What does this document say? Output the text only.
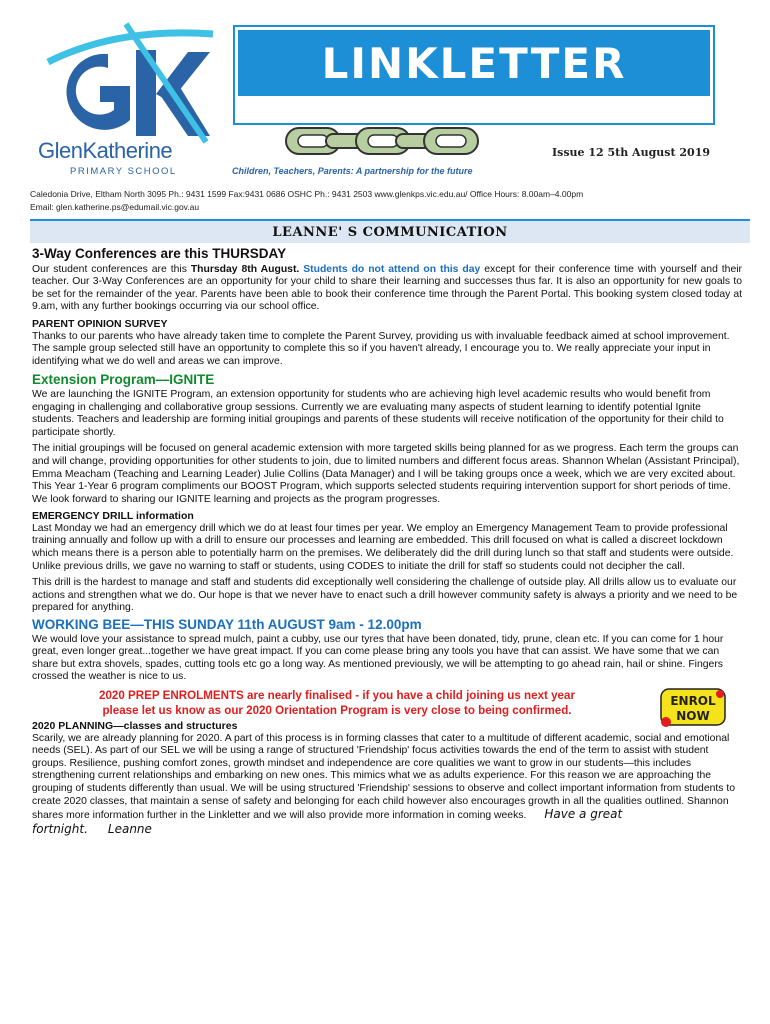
GlenKatherine
PRIMARY SCHOOL
LINKLETTER
Issue 12 5th August 2019
Children, Teachers, Parents: A partnership for the future
Caledonia Drive, Eltham North 3095 Ph.: 9431 1599 Fax:9431 0686 OSHC Ph.: 9431 2503 www.glenkps.vic.edu.au/ Office Hours: 8.00am–4.00pm
Email: glen.katherine.ps@edumail.vic.gov.au
LEANNE' S COMMUNICATION
3-Way Conferences are this THURSDAY

Our student conferences are this Thursday 8th August. Students do not attend on this day except for their conference time with yourself and their teacher. Our 3-Way Conferences are an opportunity for your child to share their learning and successes thus far. It is also an opportunity for new goals to be set for the remainder of the year. Parents have been able to book their conference time through the Parent Portal. This booking system closed today at 9.am, with any further bookings occurring via our school office.

PARENT OPINION SURVEY

Thanks to our parents who have already taken time to complete the Parent Survey, providing us with invaluable feedback aimed at school improvement. The sample group selected still have an opportunity to complete this so if you haven't already, I encourage you to. We really appreciate your input in identifying what we do well and areas we can improve.

Extension Program—IGNITE

We are launching the IGNITE Program, an extension opportunity for students who are achieving high level academic results who would benefit from engaging in challenging and collaborative group sessions. Currently we are evaluating many aspects of student learning to identify potential Ignite students. Teachers and leadership are forming initial groupings and parents of these students will receive notification of the opportunity for their child to participate shortly.

The initial groupings will be focused on general academic extension with more targeted skills being planned for as we progress. Each term the groups can and will change, providing opportunities for other students to join, due to limited numbers and different focus areas. Shannon Whelan (Assistant Principal), Emma Meacham (Teaching and Learning Leader) Julie Collins (Data Manager) and I will be taking groups once a week, which we are very excited about. This Year 1-Year 6 program compliments our BOOST Program, which supports selected students requiring intervention support for short periods of time. We look forward to sharing our IGNITE learning and projects as the program progresses.

EMERGENCY DRILL information

Last Monday we had an emergency drill which we do at least four times per year. We employ an Emergency Management Team to provide professional training annually and follow up with a drill to ensure our processes and learning are embedded. This drill focused on what is called a discreet lockdown which means there is a person able to potentially harm on the premises. We deliberately did the drill during lunch so that staff and students were outside. Unlike previous drills, we gave no warning to staff or students, using CODES to initiate the drill for staff so students could not decipher the call.

This drill is the hardest to manage and staff and students did exceptionally well considering the challenge of outside play. All drills allow us to evaluate our actions and strengthen what we do. Our hope is that we never have to enact such a drill however community safety is always a priority and we need to be prepared for anything.

WORKING BEE—THIS SUNDAY 11th AUGUST 9am - 12.00pm

We would love your assistance to spread mulch, paint a cubby, use our tyres that have been donated, tidy, prune, clean etc. If you can come for 1 hour great, even longer great...together we have great impact. If you can come please bring any tools you have that can assist. We have some that we can share but extra shovels, spades, cutting tools etc go a long way. As mentioned previously, we will be attempting to go ahead rain, hail or shine. Fingers crossed the weather is nice to us.

2020 PREP ENROLMENTS are nearly finalised - if you have a child joining us next year
please let us know as our 2020 Orientation Program is very close to being confirmed.
ENROL
NOW
2020 PLANNING—classes and structures

Scarily, we are already planning for 2020. A part of this process is in forming classes that cater to a multitude of different academic, social and emotional needs (SEL). As part of our SEL we will be using a range of structured 'Friendship' focus activities towards the end of the term to assist with student groups. Resilience, pushing comfort zones, growth mindset and independence are core qualities we want to grow in our students—this includes strengthening current relationships and embarking on new ones. This mimics what we as adults experience. For this reason we are approaching the grouping of students differently than usual. We will be using structured 'Friendship' sessions to observe and collect important information from students to create 2020 classes, that maintain a sense of safety and belonging for each child however also encourages growth in all the qualities outlined. Shannon shares more information further in the Linkletter and we will also provide more information in coming weeks. Have a great fortnight. Leanne
